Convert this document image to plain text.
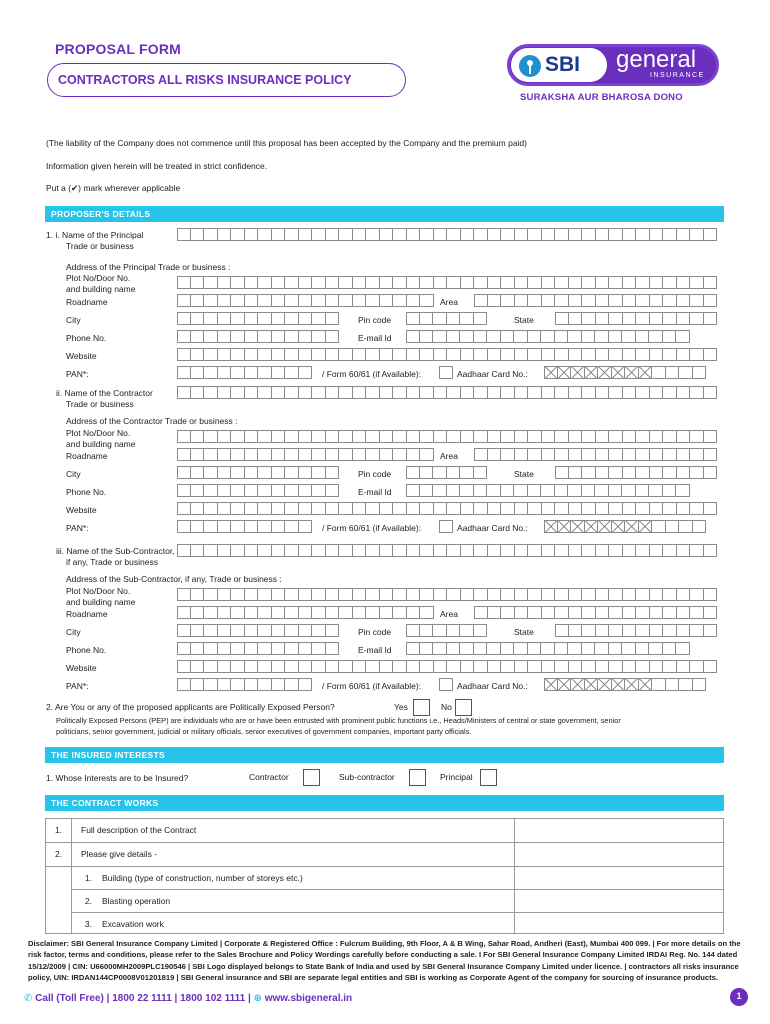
PROPOSAL FORM
CONTRACTORS ALL RISKS INSURANCE POLICY
SBI general
INSURANCE
SURAKSHA AUR BHAROSA DONO
(The liability of the Company does not commence until this proposal has been accepted by the Company and the premium paid)
Information given herein will be treated in strict confidence.
Put a (✔) mark wherever applicable
PROPOSER'S DETAILS
1. i. Name of the Principal
Trade or business
Address of the Principal Trade or business :
Plot No/Door No.
and building name
Roadname	Area
City	Pin code	State
Phone No.	E-mail Id
Website
PAN*:	/ Form 60/61 (if Available):	Aadhaar Card No.:
ii. Name of the Contractor
Trade or business
Address of the Contractor Trade or business :
Plot No/Door No.
and building name
Roadname	Area
City	Pin code	State
Phone No.	E-mail Id
Website
PAN*:	/ Form 60/61 (if Available):	Aadhaar Card No.:
iii. Name of the Sub-Contractor,
if any, Trade or business
Address of the Sub-Contractor, if any, Trade or business :
Plot No/Door No.
and building name
Roadname	Area
City	Pin code	State
Phone No.	E-mail Id
Website
PAN*:	/ Form 60/61 (if Available):	Aadhaar Card No.:
2. Are You or any of the proposed applicants are Politically Exposed Person?	Yes	No
Politically Exposed Persons (PEP) are individuals who are or have been entrusted with prominent public functions i.e., Heads/Ministers of central or state government, senior
politicians, senior government, judicial or military officials, senior executives of government companies, important party officials.
THE INSURED INTERESTS
1. Whose Interests are to be Insured?	Contractor	Sub-contractor	Principal
THE CONTRACT WORKS
1.	Full description of the Contract	
2.	Please give details -	

	1. Building (type of construction, number of storeys etc.)	

	2. Blasting operation	

	3. Excavation work	

Disclaimer: SBI General Insurance Company Limited | Corporate & Registered Office : Fulcrum Building, 9th Floor, A & B Wing, Sahar Road, Andheri (East), Mumbai 400 099. | For more details on the risk factor, terms and conditions, please refer to the Sales Brochure and Policy Wordings carefully before conducting a sale. I For SBI General Insurance Company Limited IRDAI Reg. No. 144 dated 15/12/2009 | CIN: U66000MH2009PLC190546 | SBI Logo displayed belongs to State Bank of India and used by SBI General Insurance Company Limited under licence. | contractors all risks insurance policy, UIN: IRDAN144CP0008V01201819 | SBI General insurance and SBI are separate legal entities and SBI is working as Corporate Agent of the company for sourcing of insurance products.
✆ Call (Toll Free) | 1800 22 1111 | 1800 102 1111 | ⊕ www.sbigeneral.in	1
